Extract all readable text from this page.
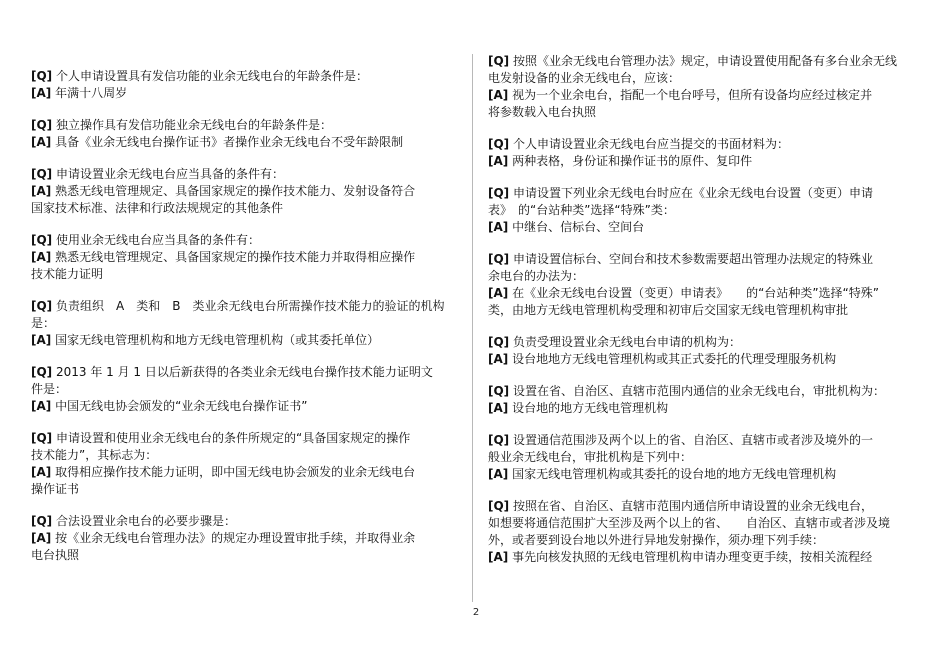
[Q] 个人申请设置具有发信功能的业余无线电台的年龄条件是：
[A] 年满十八周岁
[Q] 独立操作具有发信功能业余无线电台的年龄条件是：
[A] 具备《业余无线电台操作证书》者操作业余无线电台不受年龄限制
[Q] 申请设置业余无线电台应当具备的条件有：
[A] 熟悉无线电管理规定、具备国家规定的操作技术能力、发射设备符合
国家技术标准、法律和行政法规规定的其他条件
[Q] 使用业余无线电台应当具备的条件有：
[A] 熟悉无线电管理规定、具备国家规定的操作技术能力并取得相应操作
技术能力证明
[Q] 负责组织　A　类和　B　类业余无线电台所需操作技术能力的验证的机构
是：
[A] 国家无线电管理机构和地方无线电管理机构（或其委托单位）
[Q] 2013 年 1 月 1 日以后新获得的各类业余无线电台操作技术能力证明文
件是：
[A] 中国无线电协会颁发的“业余无线电台操作证书”
[Q] 申请设置和使用业余无线电台的条件所规定的“具备国家规定的操作
技术能力”，其标志为：
[A] 取得相应操作技术能力证明，即中国无线电协会颁发的业余无线电台
操作证书
[Q] 合法设置业余电台的必要步骤是：
[A] 按《业余无线电台管理办法》的规定办理设置审批手续，并取得业余
电台执照
[Q] 按照《业余无线电台管理办法》规定，申请设置使用配备有多台业余无线
电发射设备的业余无线电台，应该：
[A] 视为一个业余电台，指配一个电台呼号，但所有设备均应经过核定并
将参数载入电台执照
[Q] 个人申请设置业余无线电台应当提交的书面材料为：
[A] 两种表格，身份证和操作证书的原件、复印件
[Q] 申请设置下列业余无线电台时应在《业余无线电台设置（变更）申请
表》　的“台站种类”选择“特殊”类：
[A] 中继台、信标台、空间台
[Q] 申请设置信标台、空间台和技术参数需要超出管理办法规定的特殊业
余电台的办法为：
[A] 在《业余无线电台设置（变更）申请表》　　的“台站种类”选择“特殊”
类，由地方无线电管理机构受理和初审后交国家无线电管理机构审批
[Q] 负责受理设置业余无线电台申请的机构为：
[A] 设台地地方无线电管理机构或其正式委托的代理受理服务机构
[Q] 设置在省、自治区、直辖市范围内通信的业余无线电台，审批机构为：
[A] 设台地的地方无线电管理机构
[Q] 设置通信范围涉及两个以上的省、自治区、直辖市或者涉及境外的一
般业余无线电台，审批机构是下列中：
[A] 国家无线电管理机构或其委托的设台地的地方无线电管理机构
[Q] 按照在省、自治区、直辖市范围内通信所申请设置的业余无线电台，
如想要将通信范围扩大至涉及两个以上的省、　　自治区、直辖市或者涉及境
外，或者要到设台地以外进行异地发射操作，须办理下列手续：
[A] 事先向核发执照的无线电管理机构申请办理变更手续，按相关流程经
2
